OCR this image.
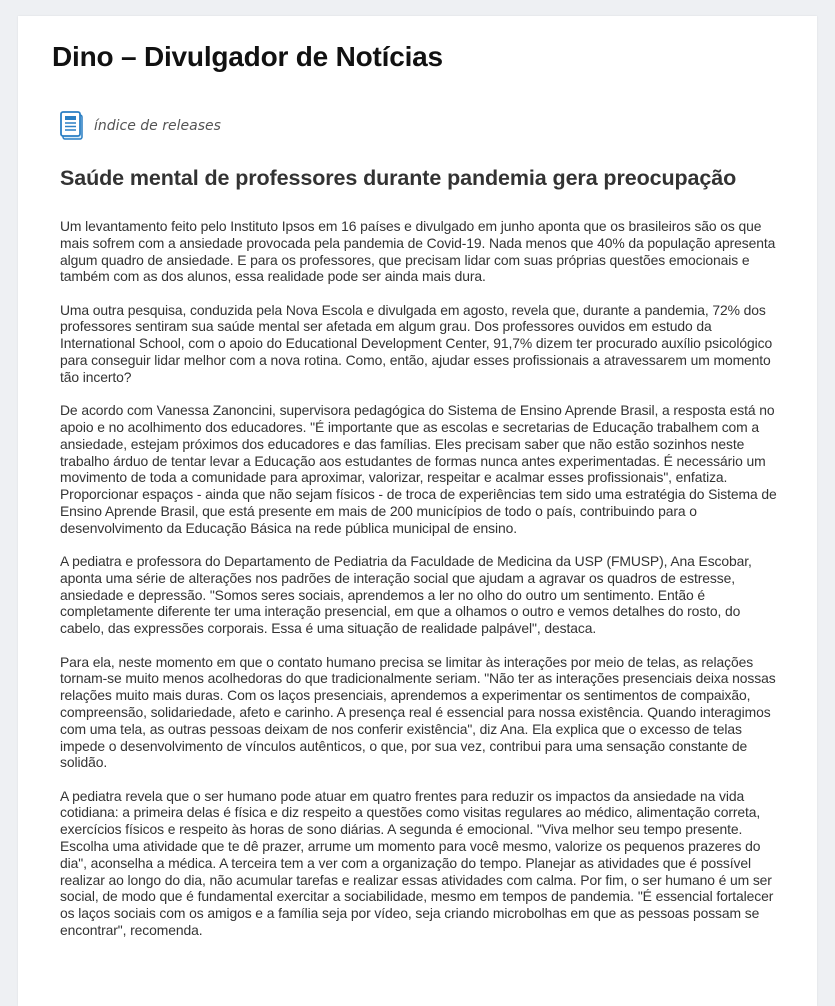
Dino – Divulgador de Notícias
índice de releases
Saúde mental de professores durante pandemia gera preocupação

Um levantamento feito pelo Instituto Ipsos em 16 países e divulgado em junho aponta que os brasileiros são os que mais sofrem com a ansiedade provocada pela pandemia de Covid-19. Nada menos que 40% da população apresenta algum quadro de ansiedade. E para os professores, que precisam lidar com suas próprias questões emocionais e também com as dos alunos, essa realidade pode ser ainda mais dura.

Uma outra pesquisa, conduzida pela Nova Escola e divulgada em agosto, revela que, durante a pandemia, 72% dos professores sentiram sua saúde mental ser afetada em algum grau. Dos professores ouvidos em estudo da International School, com o apoio do Educational Development Center, 91,7% dizem ter procurado auxílio psicológico para conseguir lidar melhor com a nova rotina. Como, então, ajudar esses profissionais a atravessarem um momento tão incerto?

De acordo com Vanessa Zanoncini, supervisora pedagógica do Sistema de Ensino Aprende Brasil, a resposta está no apoio e no acolhimento dos educadores. "É importante que as escolas e secretarias de Educação trabalhem com a ansiedade, estejam próximos dos educadores e das famílias. Eles precisam saber que não estão sozinhos neste trabalho árduo de tentar levar a Educação aos estudantes de formas nunca antes experimentadas. É necessário um movimento de toda a comunidade para aproximar, valorizar, respeitar e acalmar esses profissionais", enfatiza. Proporcionar espaços - ainda que não sejam físicos - de troca de experiências tem sido uma estratégia do Sistema de Ensino Aprende Brasil, que está presente em mais de 200 municípios de todo o país, contribuindo para o desenvolvimento da Educação Básica na rede pública municipal de ensino.

A pediatra e professora do Departamento de Pediatria da Faculdade de Medicina da USP (FMUSP), Ana Escobar, aponta uma série de alterações nos padrões de interação social que ajudam a agravar os quadros de estresse, ansiedade e depressão. "Somos seres sociais, aprendemos a ler no olho do outro um sentimento. Então é completamente diferente ter uma interação presencial, em que a olhamos o outro e vemos detalhes do rosto, do cabelo, das expressões corporais. Essa é uma situação de realidade palpável", destaca.

Para ela, neste momento em que o contato humano precisa se limitar às interações por meio de telas, as relações tornam-se muito menos acolhedoras do que tradicionalmente seriam. "Não ter as interações presenciais deixa nossas relações muito mais duras. Com os laços presenciais, aprendemos a experimentar os sentimentos de compaixão, compreensão, solidariedade, afeto e carinho. A presença real é essencial para nossa existência. Quando interagimos com uma tela, as outras pessoas deixam de nos conferir existência", diz Ana. Ela explica que o excesso de telas impede o desenvolvimento de vínculos autênticos, o que, por sua vez, contribui para uma sensação constante de solidão.

A pediatra revela que o ser humano pode atuar em quatro frentes para reduzir os impactos da ansiedade na vida cotidiana: a primeira delas é física e diz respeito a questões como visitas regulares ao médico, alimentação correta, exercícios físicos e respeito às horas de sono diárias. A segunda é emocional. "Viva melhor seu tempo presente. Escolha uma atividade que te dê prazer, arrume um momento para você mesmo, valorize os pequenos prazeres do dia", aconselha a médica. A terceira tem a ver com a organização do tempo. Planejar as atividades que é possível realizar ao longo do dia, não acumular tarefas e realizar essas atividades com calma. Por fim, o ser humano é um ser social, de modo que é fundamental exercitar a sociabilidade, mesmo em tempos de pandemia. "É essencial fortalecer os laços sociais com os amigos e a família seja por vídeo, seja criando microbolhas em que as pessoas possam se encontrar", recomenda.
